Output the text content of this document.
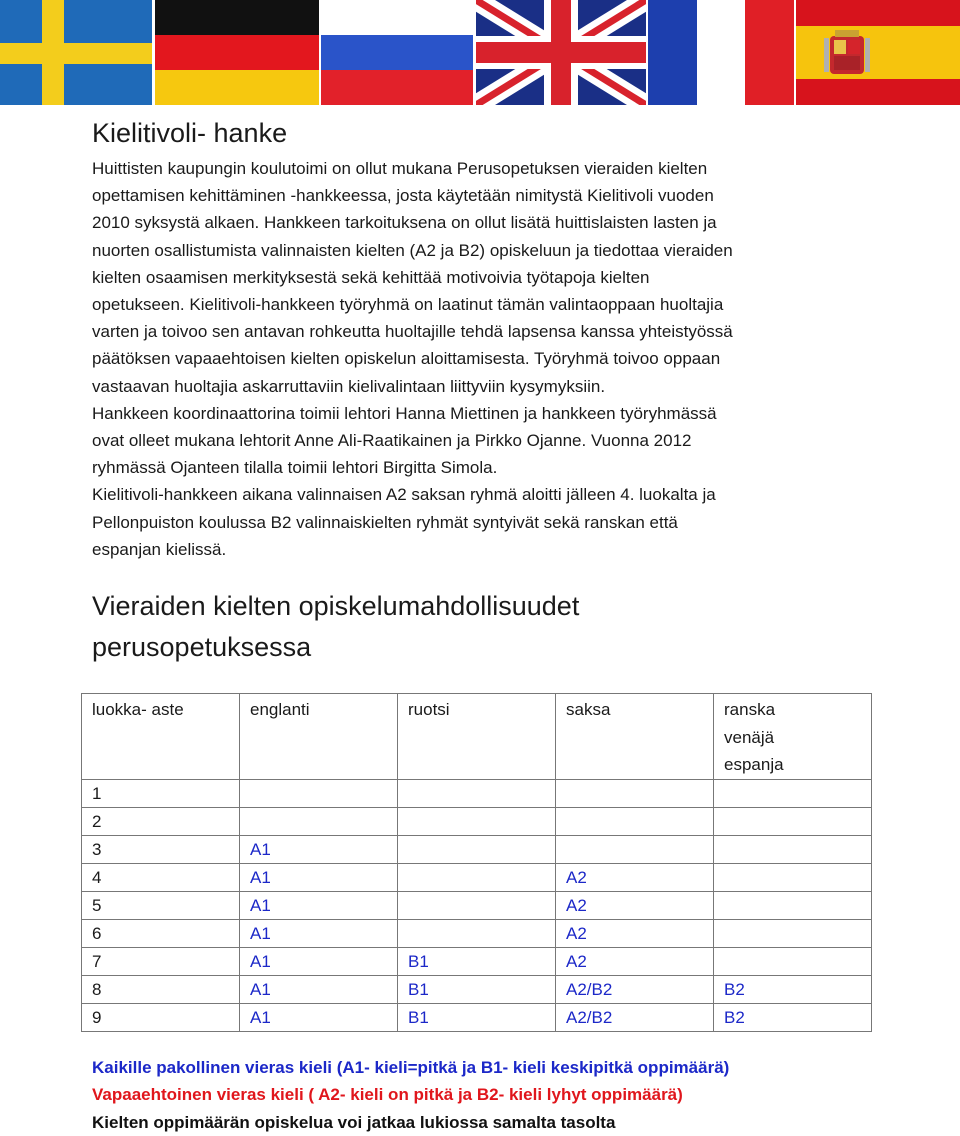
Kielitivoli- hanke
Huittisten kaupungin koulutoimi on ollut mukana Perusopetuksen vieraiden kielten
opettamisen kehittäminen -hankkeessa, josta käytetään nimitystä Kielitivoli vuoden
2010 syksystä alkaen. Hankkeen tarkoituksena on ollut lisätä huittislaisten lasten ja
nuorten osallistumista valinnaisten kielten (A2 ja B2) opiskeluun ja tiedottaa vieraiden
kielten osaamisen merkityksestä sekä kehittää motivoivia työtapoja kielten
opetukseen. Kielitivoli-hankkeen työryhmä on laatinut tämän valintaoppaan huoltajia
varten ja toivoo sen antavan rohkeutta huoltajille tehdä lapsensa kanssa yhteistyössä
päätöksen vapaaehtoisen kielten opiskelun aloittamisesta. Työryhmä toivoo oppaan
vastaavan huoltajia askarruttaviin kielivalintaan liittyviin kysymyksiin.
Hankkeen koordinaattorina toimii lehtori Hanna Miettinen ja hankkeen työryhmässä
ovat olleet mukana lehtorit Anne Ali-Raatikainen ja Pirkko Ojanne. Vuonna 2012
ryhmässä Ojanteen tilalla toimii lehtori Birgitta Simola.
Kielitivoli-hankkeen aikana valinnaisen A2 saksan ryhmä aloitti jälleen 4. luokalta ja
Pellonpuiston koulussa B2 valinnaiskielten ryhmät syntyivät sekä ranskan että
espanjan kielissä.
Vieraiden kielten opiskelumahdollisuudet
perusopetuksessa
luokka- aste	englanti	ruotsi	saksa	ranska
venäjä
espanja

1				
2				
3	A1			
4	A1		A2	
5	A1		A2	
6	A1		A2	
7	A1	B1	A2	
8	A1	B1	A2/B2	B2
9	A1	B1	A2/B2	B2
Kaikille pakollinen vieras kieli (A1- kieli=pitkä ja B1- kieli keskipitkä oppimäärä)
Vapaaehtoinen vieras kieli ( A2- kieli on pitkä ja B2- kieli lyhyt oppimäärä)
Kielten oppimäärän opiskelua voi jatkaa lukiossa samalta tasolta
